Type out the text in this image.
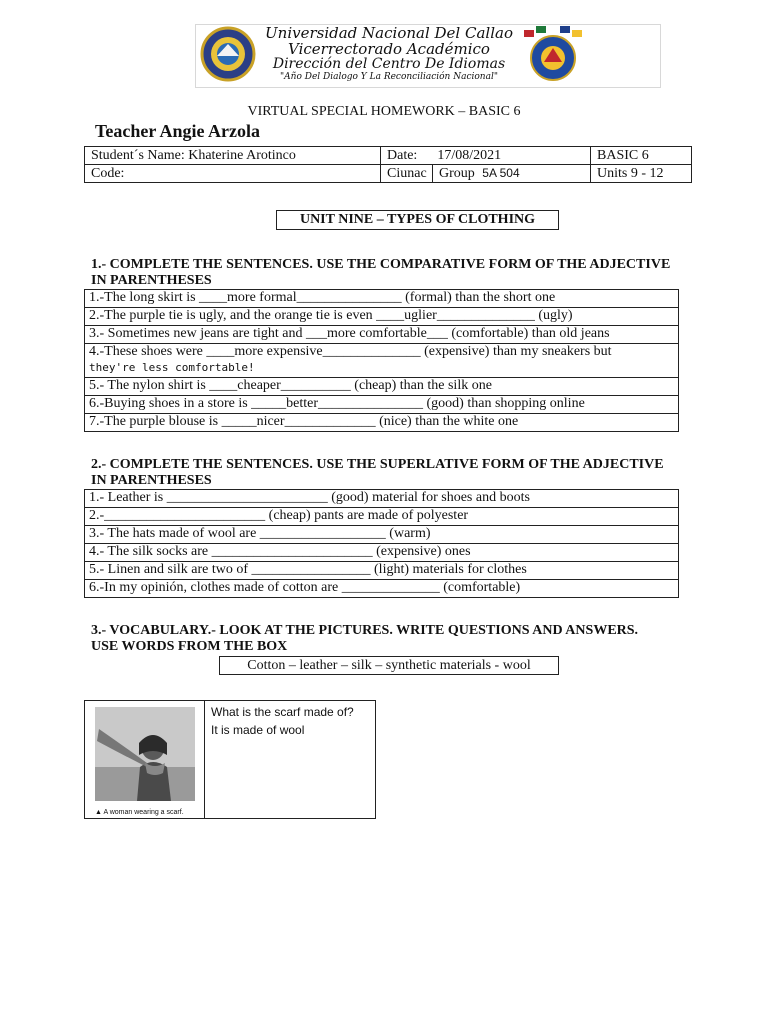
Universidad Nacional Del Callao
Vicerrectorado Académico
Dirección del Centro De Idiomas
"Año Del Dialogo Y La Reconciliación Nacional"
VIRTUAL SPECIAL HOMEWORK – BASIC 6
Teacher Angie Arzola
Student´s Name: Khaterine Arotinco	Date: 17/08/2021	BASIC 6
Code:	Ciunac Group 5A 504	Units 9 - 12
UNIT NINE – TYPES OF CLOTHING
1.- COMPLETE THE SENTENCES. USE THE COMPARATIVE FORM OF THE ADJECTIVE IN PARENTHESES
1.-The long skirt is ____more formal_______________ (formal) than the short one
2.-The purple tie is ugly, and the orange tie is even ____uglier______________ (ugly)
3.- Sometimes new jeans are tight and ___more comfortable___ (comfortable) than old jeans

4.-These shoes were ____more expensive______________ (expensive) than my sneakers but
they're less comfortable!

5.- The nylon shirt is ____cheaper__________ (cheap) than the silk one
6.-Buying shoes in a store is _____better_______________ (good) than shopping online
7.-The purple blouse is _____nicer_____________ (nice) than the white one
2.- COMPLETE THE SENTENCES. USE THE SUPERLATIVE FORM OF THE ADJECTIVE IN PARENTHESES
1.- Leather is _______________________ (good) material for shoes and boots
2.-_______________________ (cheap) pants are made of polyester
3.- The hats made of wool are __________________ (warm)
4.- The silk socks are _______________________ (expensive) ones
5.- Linen and silk are two of _________________ (light) materials for clothes
6.-In my opinión, clothes made of cotton are ______________ (comfortable)
3.- VOCABULARY.- LOOK AT THE PICTURES. WRITE QUESTIONS AND ANSWERS. USE WORDS FROM THE BOX
Cotton – leather – silk – synthetic materials - wool
▲ A woman wearing a scarf.

What is the scarf made of?
It is made of wool
